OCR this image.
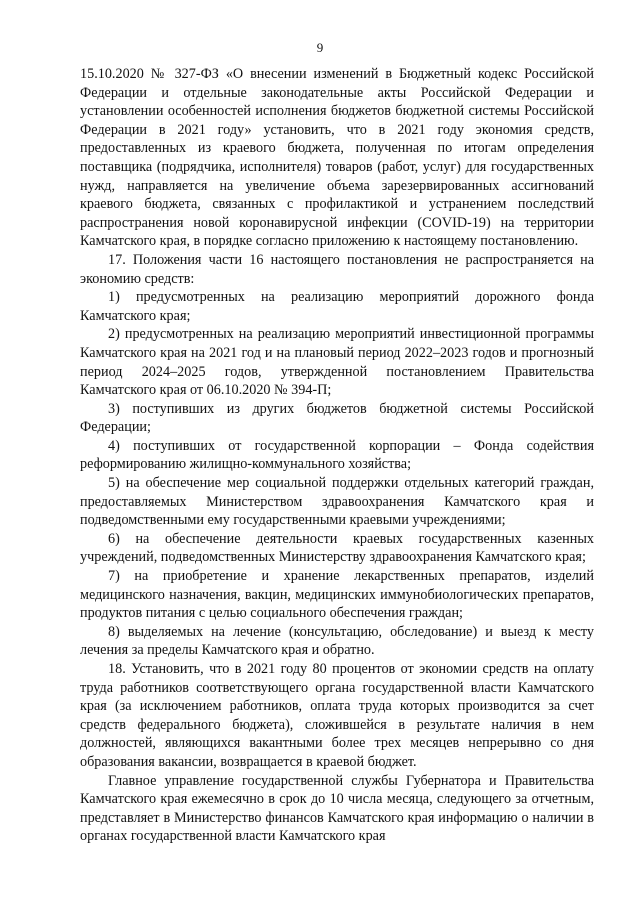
9

15.10.2020 № 327-ФЗ «О внесении изменений в Бюджетный кодекс Российской Федерации и отдельные законодательные акты Российской Федерации и установлении особенностей исполнения бюджетов бюджетной системы Российской Федерации в 2021 году» установить, что в 2021 году экономия средств, предоставленных из краевого бюджета, полученная по итогам определения поставщика (подрядчика, исполнителя) товаров (работ, услуг) для государственных нужд, направляется на увеличение объема зарезервированных ассигнований краевого бюджета, связанных с профилактикой и устранением последствий распространения новой коронавирусной инфекции (COVID-19) на территории Камчатского края, в порядке согласно приложению к настоящему постановлению.

17. Положения части 16 настоящего постановления не распространяется на экономию средств:

1) предусмотренных на реализацию мероприятий дорожного фонда Камчатского края;

2) предусмотренных на реализацию мероприятий инвестиционной программы Камчатского края на 2021 год и на плановый период 2022–2023 годов и прогнозный период 2024–2025 годов, утвержденной постановлением Правительства Камчатского края от 06.10.2020 № 394-П;

3) поступивших из других бюджетов бюджетной системы Российской Федерации;

4) поступивших от государственной корпорации – Фонда содействия реформированию жилищно-коммунального хозяйства;

5) на обеспечение мер социальной поддержки отдельных категорий граждан, предоставляемых Министерством здравоохранения Камчатского края и подведомственными ему государственными краевыми учреждениями;

6) на обеспечение деятельности краевых государственных казенных учреждений, подведомственных Министерству здравоохранения Камчатского края;

7) на приобретение и хранение лекарственных препаратов, изделий медицинского назначения, вакцин, медицинских иммунобиологических препаратов, продуктов питания с целью социального обеспечения граждан;

8) выделяемых на лечение (консультацию, обследование) и выезд к месту лечения за пределы Камчатского края и обратно.

18. Установить, что в 2021 году 80 процентов от экономии средств на оплату труда работников соответствующего органа государственной власти Камчатского края (за исключением работников, оплата труда которых производится за счет средств федерального бюджета), сложившейся в результате наличия в нем должностей, являющихся вакантными более трех месяцев непрерывно со дня образования вакансии, возвращается в краевой бюджет.

Главное управление государственной службы Губернатора и Правительства Камчатского края ежемесячно в срок до 10 числа месяца, следующего за отчетным, представляет в Министерство финансов Камчатского края информацию о наличии в органах государственной власти Камчатского края
